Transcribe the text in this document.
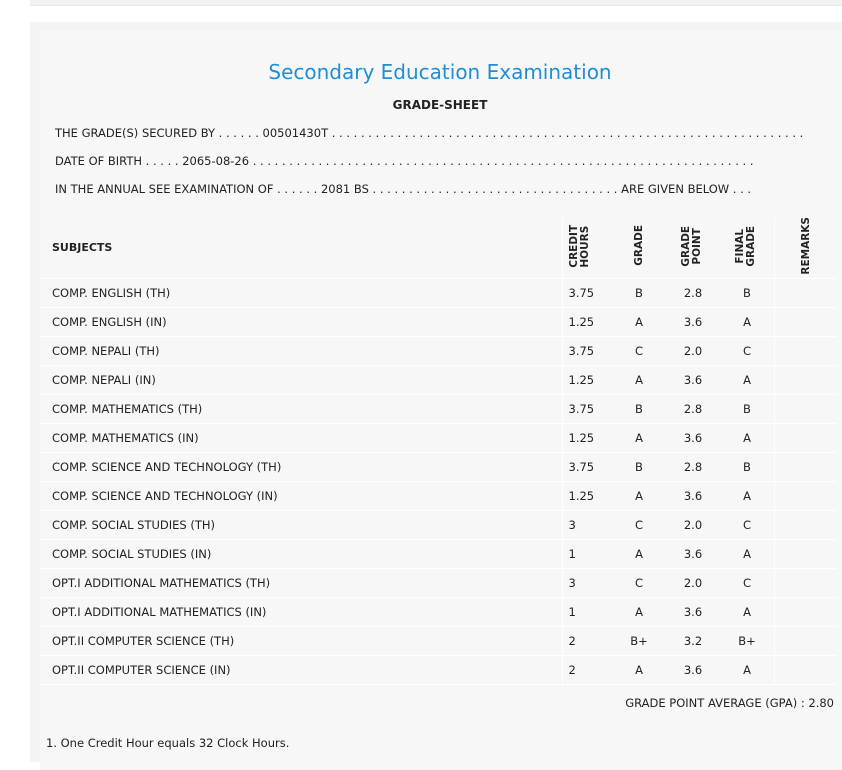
Secondary Education Examination
GRADE-SHEET
THE GRADE(S) SECURED BY . . . . . . 00501430T . . . . . . . . . . . . . . . . . . . . . . . . . . . . . . . . . . . . . . . . . . . . . . . . . . . . . . . . . . . . . . . . .
DATE OF BIRTH . . . . . 2065-08-26 . . . . . . . . . . . . . . . . . . . . . . . . . . . . . . . . . . . . . . . . . . . . . . . . . . . . . . . . . . . . . . . . . . . . .
IN THE ANNUAL SEE EXAMINATION OF . . . . . . 2081 BS . . . . . . . . . . . . . . . . . . . . . . . . . . . . . . . . . . ARE GIVEN BELOW . . .
SUBJECTS	CREDIT HOURS	GRADE	GRADE POINT	FINAL GRADE	REMARKS
COMP. ENGLISH (TH)	3.75	B	2.8	B	
COMP. ENGLISH (IN)	1.25	A	3.6	A	
COMP. NEPALI (TH)	3.75	C	2.0	C	
COMP. NEPALI (IN)	1.25	A	3.6	A	
COMP. MATHEMATICS (TH)	3.75	B	2.8	B	
COMP. MATHEMATICS (IN)	1.25	A	3.6	A	
COMP. SCIENCE AND TECHNOLOGY (TH)	3.75	B	2.8	B	
COMP. SCIENCE AND TECHNOLOGY (IN)	1.25	A	3.6	A	
COMP. SOCIAL STUDIES (TH)	3	C	2.0	C	
COMP. SOCIAL STUDIES (IN)	1	A	3.6	A	
OPT.I ADDITIONAL MATHEMATICS (TH)	3	C	2.0	C	
OPT.I ADDITIONAL MATHEMATICS (IN)	1	A	3.6	A	
OPT.II COMPUTER SCIENCE (TH)	2	B+	3.2	B+	
OPT.II COMPUTER SCIENCE (IN)	2	A	3.6	A	
GRADE POINT AVERAGE (GPA) : 2.80
1. One Credit Hour equals 32 Clock Hours.
